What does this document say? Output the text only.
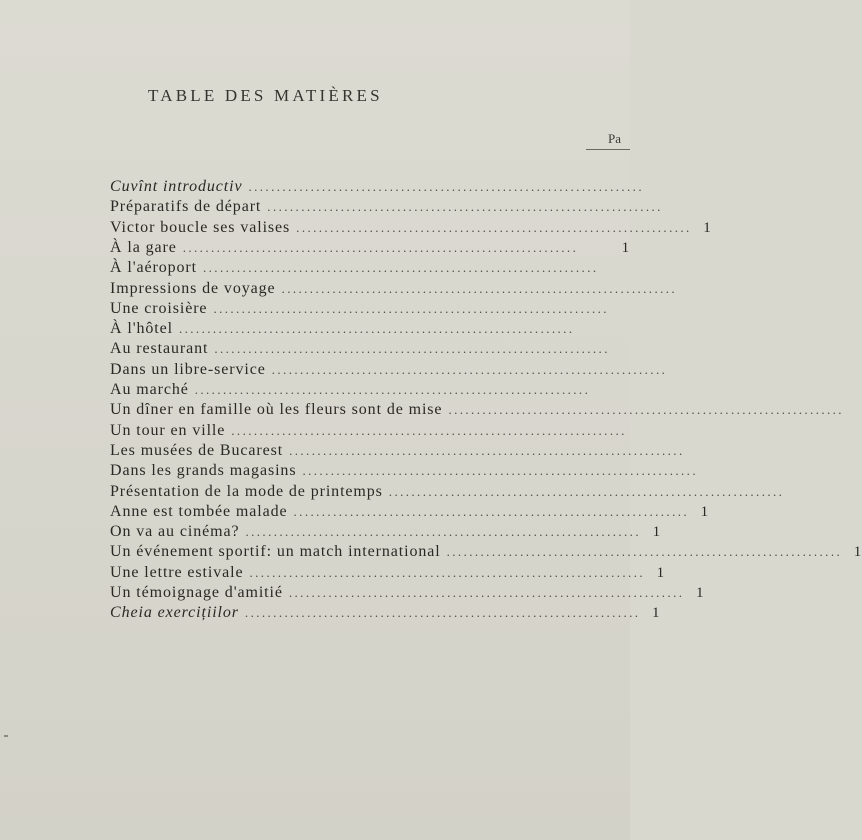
TABLE DES MATIÈRES
Pa
Cuvînt introductiv ......................................................................
Préparatifs de départ ......................................................................
Victor boucle ses valises ...................................................................... 1
À la gare ......................................................................	1
À l'aéroport ......................................................................
Impressions de voyage ......................................................................
Une croisière ......................................................................
À l'hôtel ......................................................................
Au restaurant ......................................................................
Dans un libre-service ......................................................................
Au marché ......................................................................
Un dîner en famille où les fleurs sont de mise ......................................................................
Un tour en ville ......................................................................
Les musées de Bucarest ......................................................................
Dans les grands magasins ......................................................................
Présentation de la mode de printemps ......................................................................
Anne est tombée malade ...................................................................... 1
On va au cinéma? ...................................................................... 1
Un événement sportif: un match international ...................................................................... 1
Une lettre estivale ...................................................................... 1
Un témoignage d'amitié ...................................................................... 1
Cheia exercițiilor ...................................................................... 1
